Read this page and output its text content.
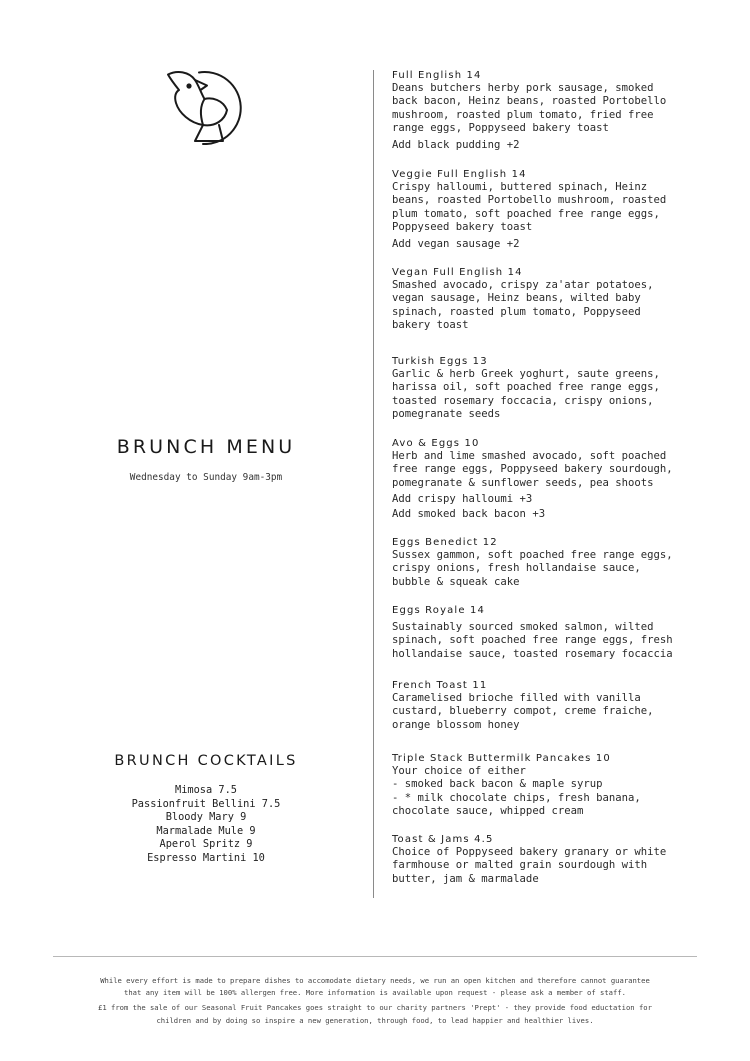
BRUNCH MENU
Wednesday to Sunday 9am-3pm
BRUNCH COCKTAILS
Mimosa 7.5
Passionfruit Bellini 7.5
Bloody Mary 9
Marmalade Mule 9
Aperol Spritz 9
Espresso Martini 10
Full English 14
Deans butchers herby pork sausage, smoked
back bacon, Heinz beans, roasted Portobello
mushroom, roasted plum tomato, fried free
range eggs, Poppyseed bakery toast
Add black pudding +2
Veggie Full English 14
Crispy halloumi, buttered spinach, Heinz
beans, roasted Portobello mushroom, roasted
plum tomato, soft poached free range eggs,
Poppyseed bakery toast
Add vegan sausage +2
Vegan Full English 14
Smashed avocado, crispy za'atar potatoes,
vegan sausage, Heinz beans, wilted baby
spinach, roasted plum tomato, Poppyseed
bakery toast
Turkish Eggs 13
Garlic & herb Greek yoghurt, saute greens,
harissa oil, soft poached free range eggs,
toasted rosemary foccacia, crispy onions,
pomegranate seeds
Avo & Eggs 10
Herb and lime smashed avocado, soft poached
free range eggs, Poppyseed bakery sourdough,
pomegranate & sunflower seeds, pea shoots
Add crispy halloumi +3
Add smoked back bacon +3
Eggs Benedict 12
Sussex gammon, soft poached free range eggs,
crispy onions, fresh hollandaise sauce,
bubble & squeak cake
Eggs Royale 14
Sustainably sourced smoked salmon, wilted
spinach, soft poached free range eggs, fresh
hollandaise sauce, toasted rosemary focaccia
French Toast 11
Caramelised brioche filled with vanilla
custard, blueberry compot, creme fraiche,
orange blossom honey
Triple Stack Buttermilk Pancakes 10
Your choice of either
- smoked back bacon & maple syrup
- * milk chocolate chips, fresh banana,
chocolate sauce, whipped cream
Toast & Jams 4.5
Choice of Poppyseed bakery granary or white
farmhouse or malted grain sourdough with
butter, jam & marmalade

While every effort is made to prepare dishes to accomodate dietary needs, we run an open kitchen and therefore cannot guarantee

that any item will be 100% allergen free. More information is available upon request - please ask a member of staff.

£1 from the sale of our Seasonal Fruit Pancakes goes straight to our charity partners 'Prept' - they provide food eductation for

children and by doing so inspire a new generation, through food, to lead happier and healthier lives.
